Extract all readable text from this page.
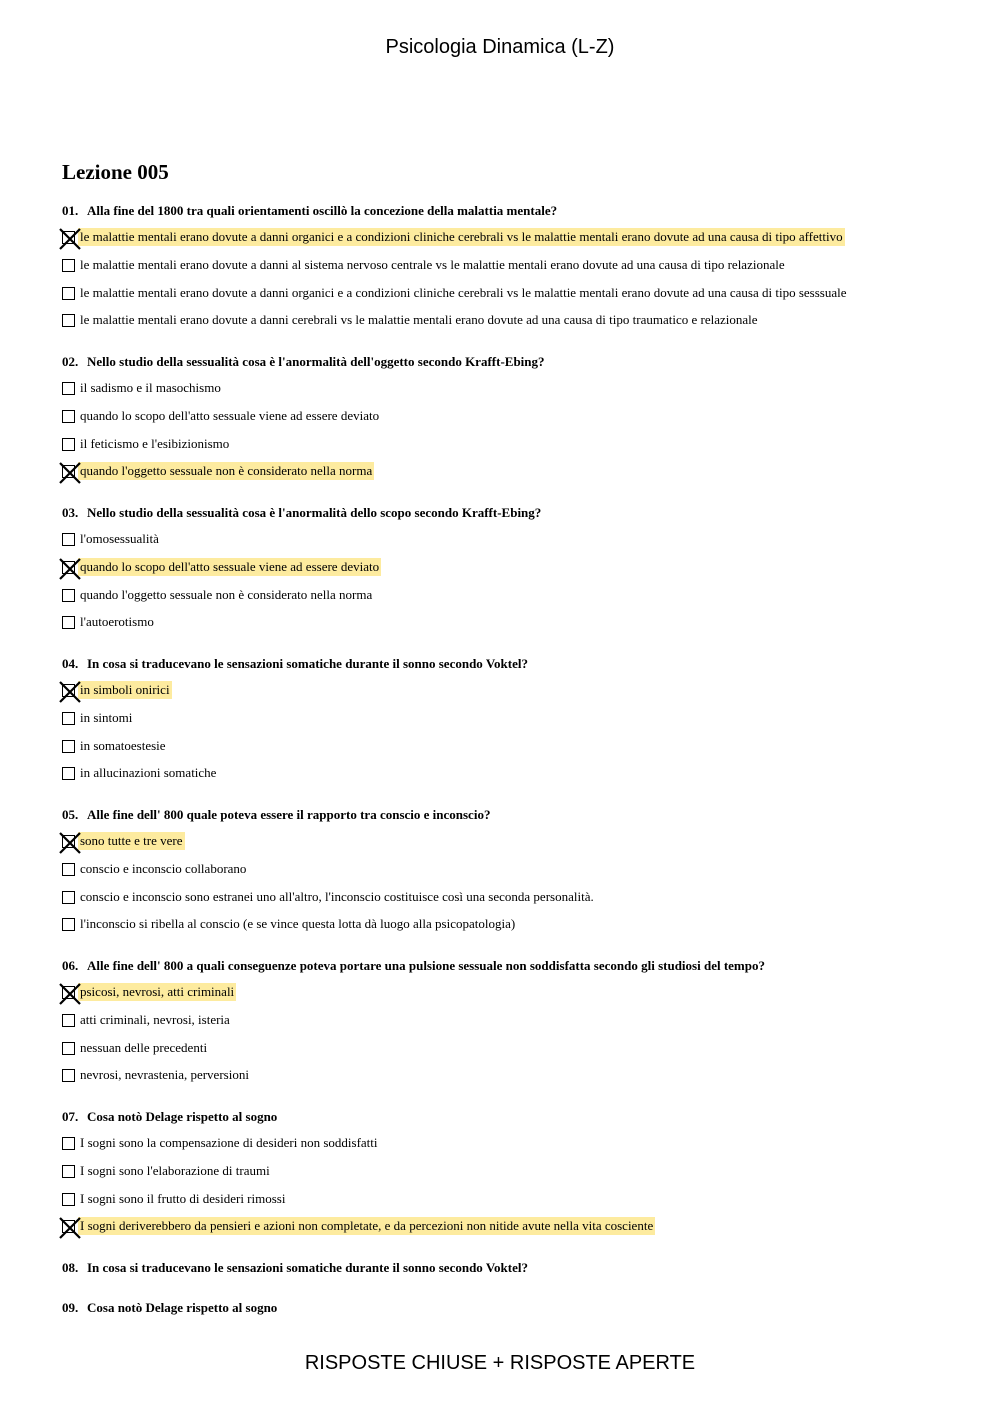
Psicologia Dinamica (L-Z)
Lezione 005
01. Alla fine del 1800 tra quali orientamenti oscillò la concezione della malattia mentale?
le malattie mentali erano dovute a danni organici e a condizioni cliniche cerebrali vs le malattie mentali erano dovute ad una causa di tipo affettivo
le malattie mentali erano dovute a danni al sistema nervoso centrale vs le malattie mentali erano dovute ad una causa di tipo relazionale
le malattie mentali erano dovute a danni organici e a condizioni cliniche cerebrali vs le malattie mentali erano dovute ad una causa di tipo sesssuale
le malattie mentali erano dovute a danni cerebrali vs le malattie mentali erano dovute ad una causa di tipo traumatico e relazionale
02. Nello studio della sessualità cosa è l'anormalità dell'oggetto secondo Krafft-Ebing?
il sadismo e il masochismo
quando lo scopo dell'atto sessuale viene ad essere deviato
il feticismo e l'esibizionismo
quando l'oggetto sessuale non è considerato nella norma
03. Nello studio della sessualità cosa è l'anormalità dello scopo secondo Krafft-Ebing?
l'omosessualità
quando lo scopo dell'atto sessuale viene ad essere deviato
quando l'oggetto sessuale non è considerato nella norma
l'autoerotismo
04. In cosa si traducevano le sensazioni somatiche durante il sonno secondo Voktel?
in simboli onirici
in sintomi
in somatoestesie
in allucinazioni somatiche
05. Alle fine dell' 800 quale poteva essere il rapporto tra conscio e inconscio?
sono tutte e tre vere
conscio e inconscio collaborano
conscio e inconscio sono estranei uno all'altro, l'inconscio costituisce così una seconda personalità.
l'inconscio si ribella al conscio (e se vince questa lotta dà luogo alla psicopatologia)
06. Alle fine dell' 800 a quali conseguenze poteva portare una pulsione sessuale non soddisfatta secondo gli studiosi del tempo?
psicosi, nevrosi, atti criminali
atti criminali, nevrosi, isteria
nessuan delle precedenti
nevrosi, nevrastenia, perversioni
07. Cosa notò Delage rispetto al sogno
I sogni sono la compensazione di desideri non soddisfatti
I sogni sono l'elaborazione di traumi
I sogni sono il frutto di desideri rimossi
I sogni deriverebbero da pensieri e azioni non completate, e da percezioni non nitide avute nella vita cosciente
08. In cosa si traducevano le sensazioni somatiche durante il sonno secondo Voktel?
09. Cosa notò Delage rispetto al sogno
RISPOSTE CHIUSE + RISPOSTE APERTE
